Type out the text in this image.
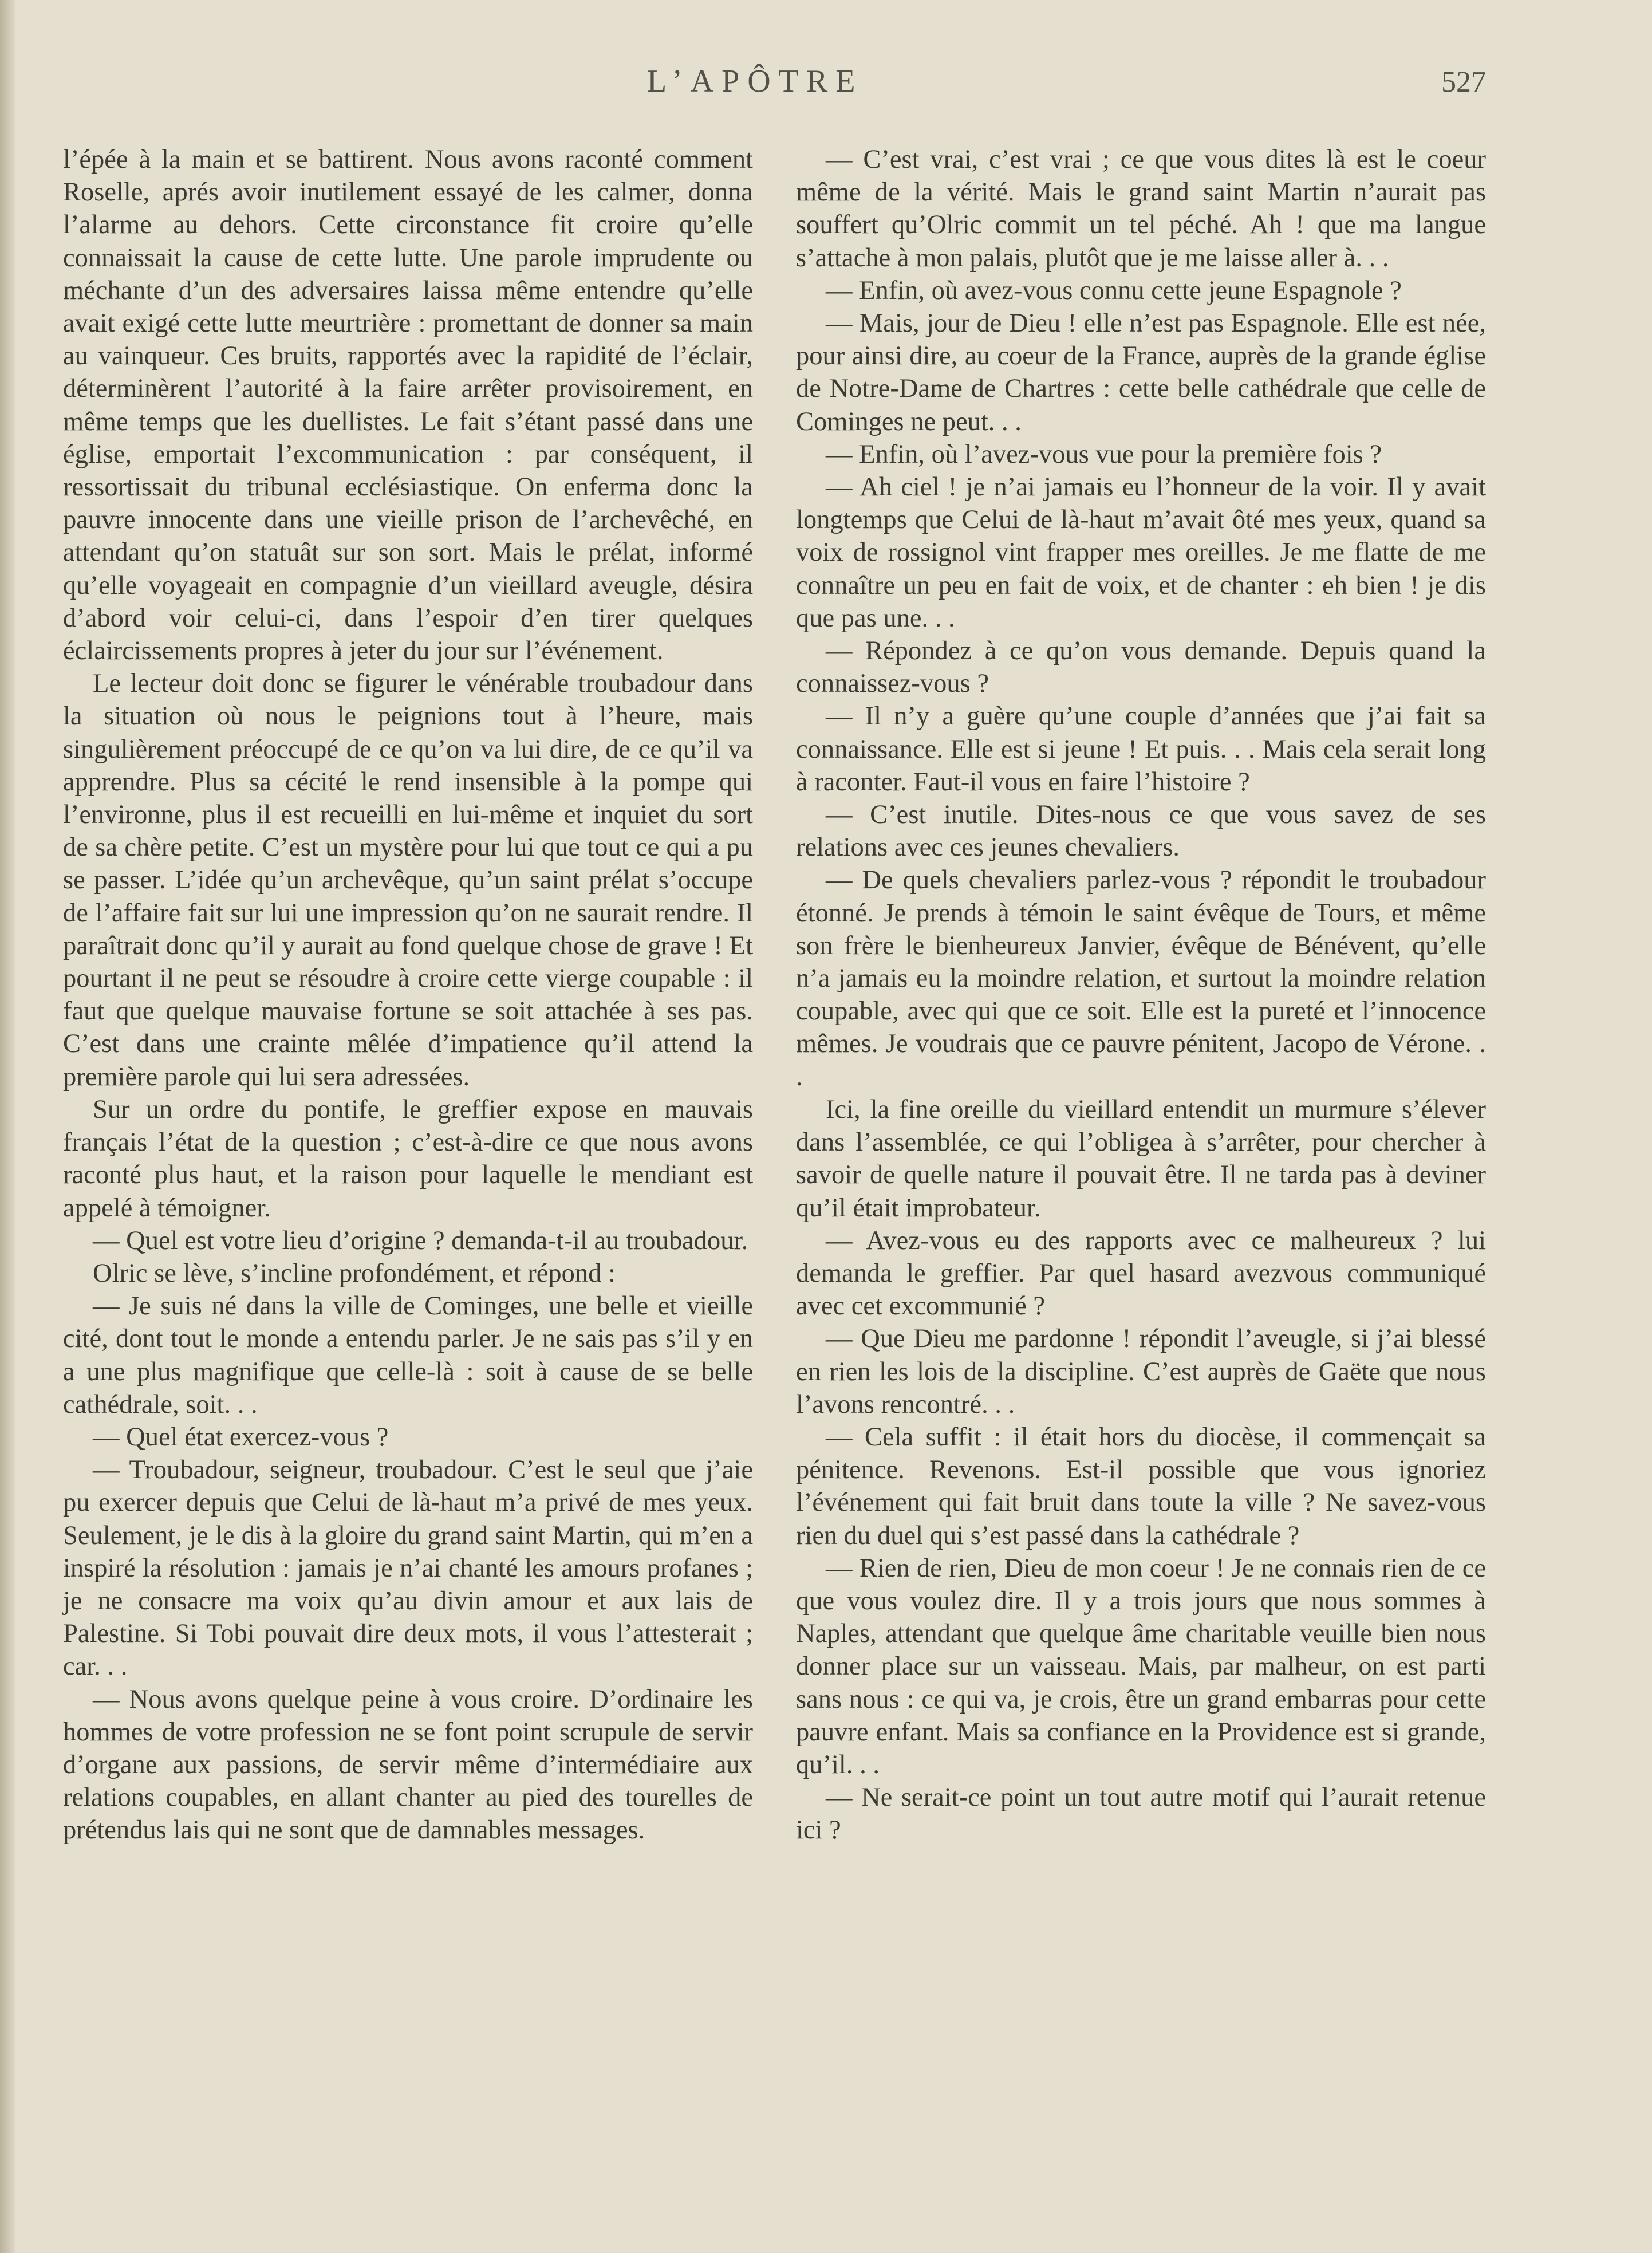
L’APÔTRE	527

l’épée à la main et se battirent. Nous avons raconté comment Roselle, aprés avoir inutilement essayé de les calmer, donna l’alarme au dehors. Cette circonstance fit croire qu’elle connaissait la cause de cette lutte. Une parole imprudente ou méchante d’un des adversaires laissa même entendre qu’elle avait exigé cette lutte meurtrière : promettant de donner sa main au vainqueur. Ces bruits, rapportés avec la rapidité de l’éclair, déterminèrent l’autorité à la faire arrêter provisoirement, en même temps que les duellistes. Le fait s’étant passé dans une église, emportait l’excommunication : par conséquent, il ressortissait du tribunal ecclésiastique. On enferma donc la pauvre innocente dans une vieille prison de l’archevêché, en attendant qu’on statuât sur son sort. Mais le prélat, informé qu’elle voyageait en compagnie d’un vieillard aveugle, désira d’abord voir celui-ci, dans l’espoir d’en tirer quelques éclaircissements propres à jeter du jour sur l’événement.

Le lecteur doit donc se figurer le vénérable troubadour dans la situation où nous le peignions tout à l’heure, mais singulièrement préoccupé de ce qu’on va lui dire, de ce qu’il va apprendre. Plus sa cécité le rend insensible à la pompe qui l’environne, plus il est recueilli en lui-même et inquiet du sort de sa chère petite. C’est un mystère pour lui que tout ce qui a pu se passer. L’idée qu’un archevêque, qu’un saint prélat s’occupe de l’affaire fait sur lui une impression qu’on ne saurait rendre. Il paraîtrait donc qu’il y aurait au fond quelque chose de grave ! Et pourtant il ne peut se résoudre à croire cette vierge coupable : il faut que quelque mauvaise fortune se soit attachée à ses pas. C’est dans une crainte mêlée d’impatience qu’il attend la première parole qui lui sera adressées.

Sur un ordre du pontife, le greffier expose en mauvais français l’état de la question ; c’est-à-dire ce que nous avons raconté plus haut, et la raison pour laquelle le mendiant est appelé à témoigner.

— Quel est votre lieu d’origine ? demanda-t-il au troubadour.

Olric se lève, s’incline profondément, et répond :

— Je suis né dans la ville de Cominges, une belle et vieille cité, dont tout le monde a entendu parler. Je ne sais pas s’il y en a une plus magnifique que celle-là : soit à cause de se belle cathédrale, soit. . .

— Quel état exercez-vous ?

— Troubadour, seigneur, troubadour. C’est le seul que j’aie pu exercer depuis que Celui de là-haut m’a privé de mes yeux. Seulement, je le dis à la gloire du grand saint Martin, qui m’en a inspiré la résolution : jamais je n’ai chanté les amours profanes ; je ne consacre ma voix qu’au divin amour et aux lais de Palestine. Si Tobi pouvait dire deux mots, il vous l’attesterait ; car. . .

— Nous avons quelque peine à vous croire. D’ordinaire les hommes de votre profession ne se font point scrupule de servir d’organe aux passions, de servir même d’intermédiaire aux relations coupables, en allant chanter au pied des tourelles de prétendus lais qui ne sont que de damnables messages.

— C’est vrai, c’est vrai ; ce que vous dites là est le coeur même de la vérité. Mais le grand saint Martin n’aurait pas souffert qu’Olric commit un tel péché. Ah ! que ma langue s’attache à mon palais, plutôt que je me laisse aller à. . .

— Enfin, où avez-vous connu cette jeune Espagnole ?

— Mais, jour de Dieu ! elle n’est pas Espagnole. Elle est née, pour ainsi dire, au coeur de la France, auprès de la grande église de Notre-Dame de Chartres : cette belle cathédrale que celle de Cominges ne peut. . .

— Enfin, où l’avez-vous vue pour la première fois ?

— Ah ciel ! je n’ai jamais eu l’honneur de la voir. Il y avait longtemps que Celui de là-haut m’avait ôté mes yeux, quand sa voix de rossignol vint frapper mes oreilles. Je me flatte de me connaître un peu en fait de voix, et de chanter : eh bien ! je dis que pas une. . .

— Répondez à ce qu’on vous demande. Depuis quand la connaissez-vous ?

— Il n’y a guère qu’une couple d’années que j’ai fait sa connaissance. Elle est si jeune ! Et puis. . . Mais cela serait long à raconter. Faut-il vous en faire l’histoire ?

— C’est inutile. Dites-nous ce que vous savez de ses relations avec ces jeunes chevaliers.

— De quels chevaliers parlez-vous ? répondit le troubadour étonné. Je prends à témoin le saint évêque de Tours, et même son frère le bienheureux Janvier, évêque de Bénévent, qu’elle n’a jamais eu la moindre relation, et surtout la moindre relation coupable, avec qui que ce soit. Elle est la pureté et l’innocence mêmes. Je voudrais que ce pauvre pénitent, Jacopo de Vérone. . .

Ici, la fine oreille du vieillard entendit un murmure s’élever dans l’assemblée, ce qui l’obligea à s’arrêter, pour chercher à savoir de quelle nature il pouvait être. Il ne tarda pas à deviner qu’il était improbateur.

— Avez-vous eu des rapports avec ce malheureux ? lui demanda le greffier. Par quel hasard avezvous communiqué avec cet excommunié ?

— Que Dieu me pardonne ! répondit l’aveugle, si j’ai blessé en rien les lois de la discipline. C’est auprès de Gaëte que nous l’avons rencontré. . .

— Cela suffit : il était hors du diocèse, il commençait sa pénitence. Revenons. Est-il possible que vous ignoriez l’événement qui fait bruit dans toute la ville ? Ne savez-vous rien du duel qui s’est passé dans la cathédrale ?

— Rien de rien, Dieu de mon coeur ! Je ne connais rien de ce que vous voulez dire. Il y a trois jours que nous sommes à Naples, attendant que quelque âme charitable veuille bien nous donner place sur un vaisseau. Mais, par malheur, on est parti sans nous : ce qui va, je crois, être un grand embarras pour cette pauvre enfant. Mais sa confiance en la Providence est si grande, qu’il. . .

— Ne serait-ce point un tout autre motif qui l’aurait retenue ici ?
